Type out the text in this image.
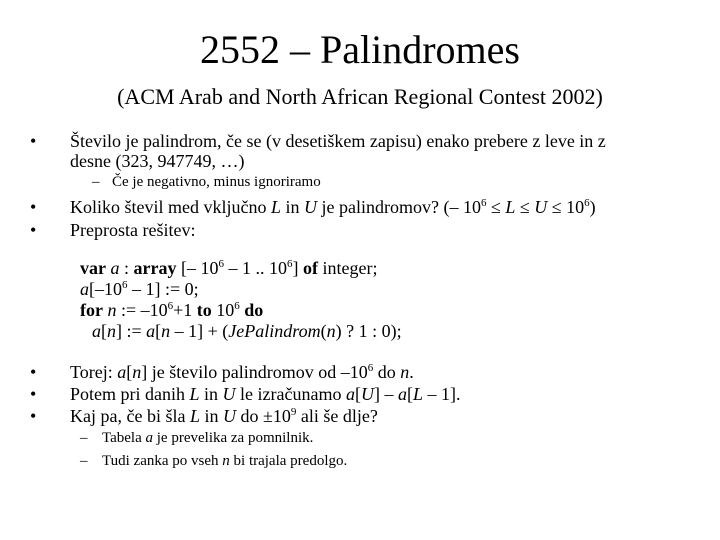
2552 – Palindromes
(ACM Arab and North African Regional Contest 2002)
• Število je palindrom, če se (v desetiškem zapisu) enako prebere z leve in z
desne (323, 947749, …)
– Če je negativno, minus ignoriramo
• Koliko števil med vključno L in U je palindromov? (– $10^6 \le L \le U \le 10^6$)
• Preprosta rešitev:
var a : array [– $10^6 - 1$ .. $10^6$] of integer;
$a[-10^6 - 1]$ := 0;
for n := $-10^6+1$ to $10^6$ do
a[n] := a[n – 1] + (JePalindrom(n) ? 1 : 0);
• Torej: a[n] je število palindromov od $-10^6$ do n.
• Potem pri danih L in U le izračunamo a[U] – a[L – 1].
• Kaj pa, če bi šla L in U do $\pm 10^9$ ali še dlje?
– Tabela a je prevelika za pomnilnik.
– Tudi zanka po vseh n bi trajala predolgo.
